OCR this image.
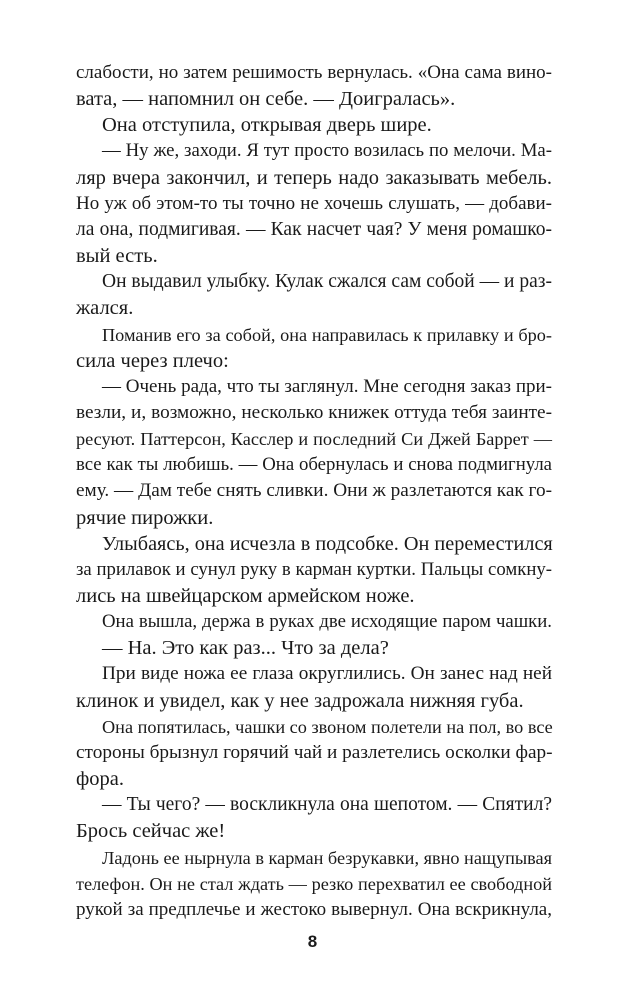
слабости, но затем решимость вернулась. «Она сама вино-
вата, — напомнил он себе. — Доигралась».
Она отступила, открывая дверь шире.
— Ну же, заходи. Я тут просто возилась по мелочи. Ма-
ляр вчера закончил, и теперь надо заказывать мебель.
Но уж об этом-то ты точно не хочешь слушать, — добави-
ла она, подмигивая. — Как насчет чая? У меня ромашко-
вый есть.
Он выдавил улыбку. Кулак сжался сам собой — и раз-
жался.
Поманив его за собой, она направилась к прилавку и бро-
сила через плечо:
— Очень рада, что ты заглянул. Мне сегодня заказ при-
везли, и, возможно, несколько книжек оттуда тебя заинте-
ресуют. Паттерсон, Касслер и последний Си Джей Баррет —
все как ты любишь. — Она обернулась и снова подмигнула
ему. — Дам тебе снять сливки. Они ж разлетаются как го-
рячие пирожки.
Улыбаясь, она исчезла в подсобке. Он переместился
за прилавок и сунул руку в карман куртки. Пальцы сомкну-
лись на швейцарском армейском ноже.
Она вышла, держа в руках две исходящие паром чашки.
— На. Это как раз... Что за дела?
При виде ножа ее глаза округлились. Он занес над ней
клинок и увидел, как у нее задрожала нижняя губа.
Она попятилась, чашки со звоном полетели на пол, во все
стороны брызнул горячий чай и разлетелись осколки фар-
фора.
— Ты чего? — воскликнула она шепотом. — Спятил?
Брось сейчас же!
Ладонь ее нырнула в карман безрукавки, явно нащупывая
телефон. Он не стал ждать — резко перехватил ее свободной
рукой за предплечье и жестоко вывернул. Она вскрикнула,
8
